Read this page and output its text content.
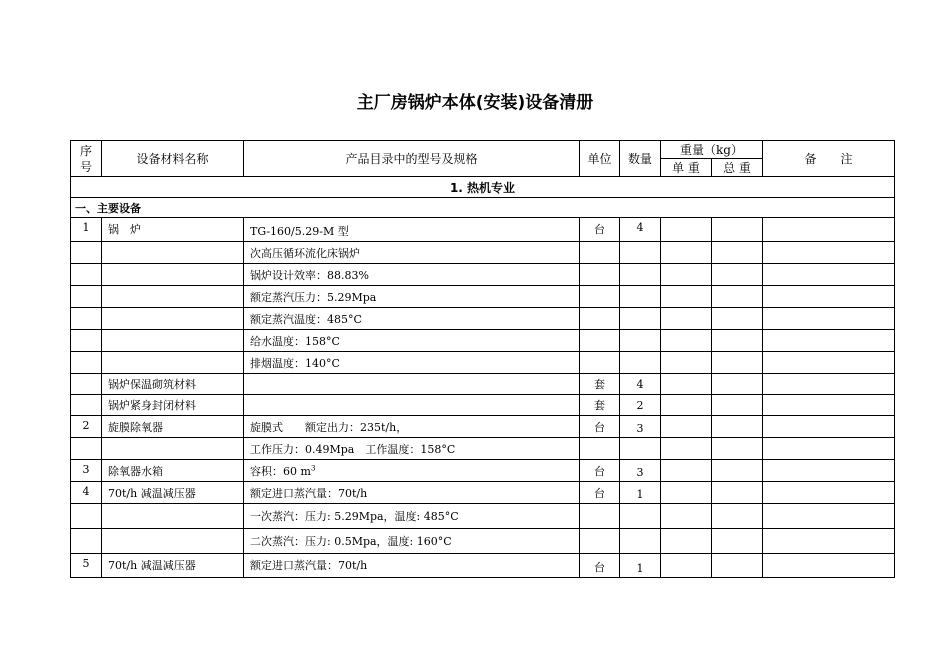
主厂房锅炉本体(安装)设备清册
序
号	设备材料名称	产品目录中的型号及规格	单位	数量	重量（kg）		备　　注
					单 重	总 重	
1. 热机专业							
一、主要设备							
1	锅　炉	TG-160/5.29-M 型	台	4			
		次高压循环流化床锅炉					
		锅炉设计效率：88.83%					
		额定蒸汽压力：5.29Mpa					
		额定蒸汽温度：485°C					
		给水温度：158°C					
		排烟温度：140°C					
	锅炉保温砌筑材料		套	4			
	锅炉紧身封闭材料		套	2			
2	旋膜除氧器	旋膜式　　额定出力：235t/h，	台	3			
		工作压力：0.49Mpa　工作温度：158°C					
3	除氧器水箱	容积：60 $m^3$	台	3			
4	70t/h 减温减压器	额定进口蒸汽量：70t/h	台	1			
		一次蒸汽：压力: 5.29Mpa，温度: 485°C					
		二次蒸汽：压力: 0.5Mpa，温度: 160°C					
5	70t/h 减温减压器	额定进口蒸汽量：70t/h	台	1			
